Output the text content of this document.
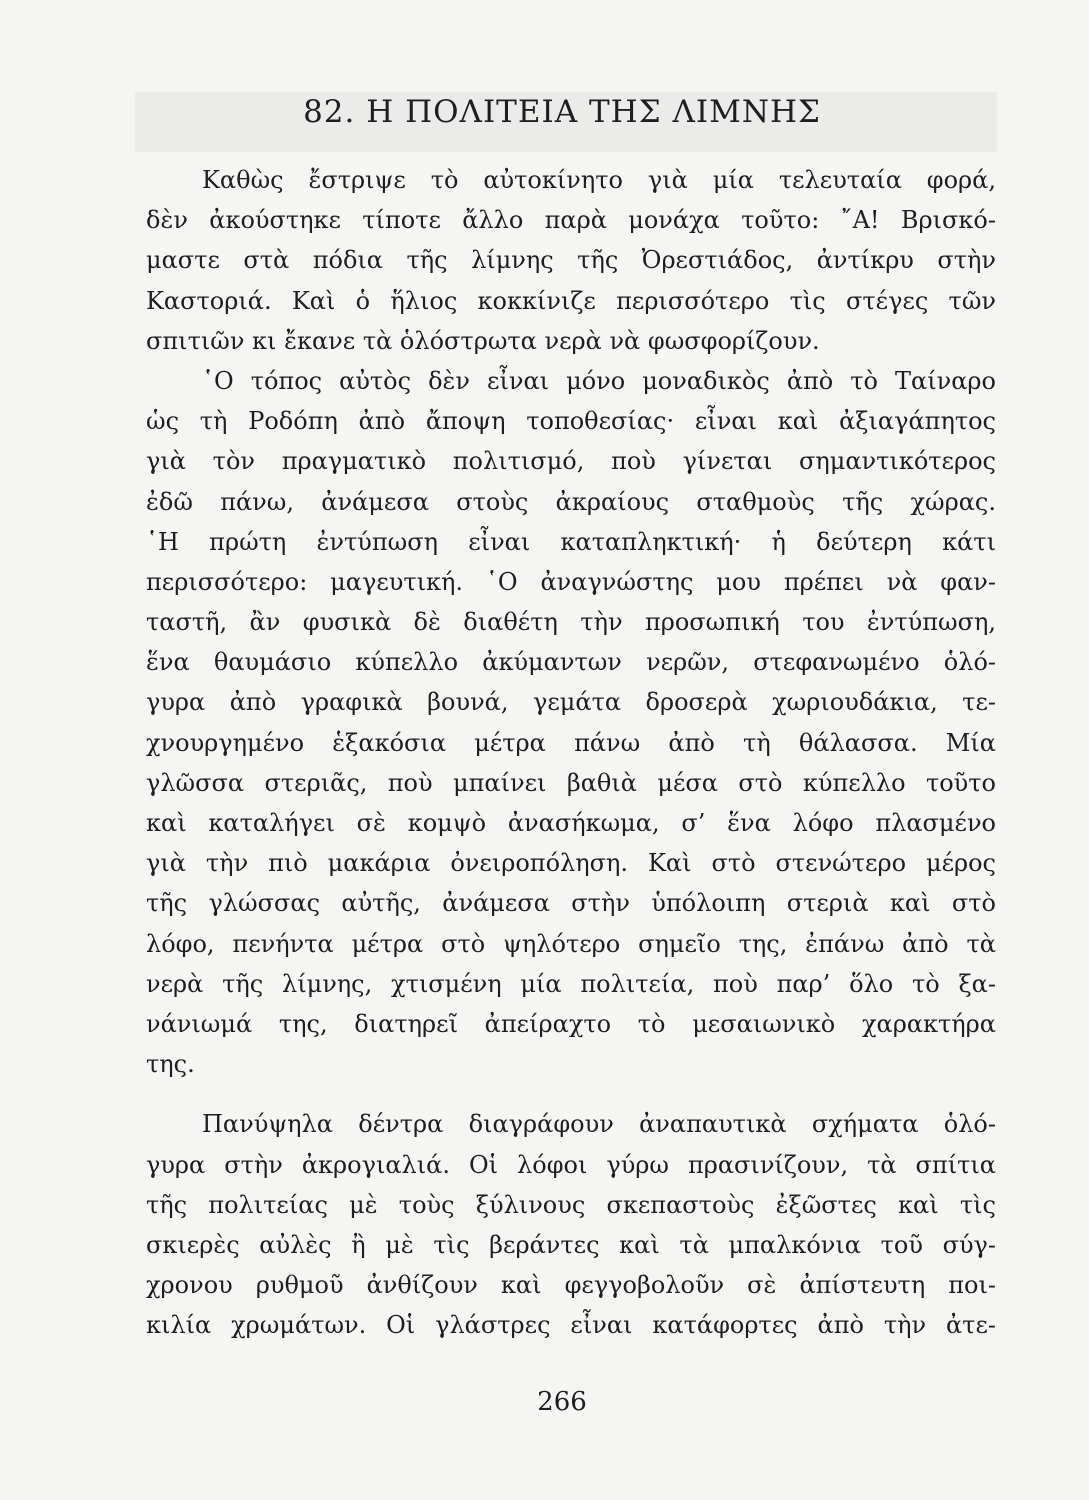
82. Η ΠΟΛΙΤΕΙΑ ΤΗΣ ΛΙΜΝΗΣ

Καθὼς ἔστριψε τὸ αὐτοκίνητο γιὰ μία τελευταία φορά,
δὲν ἀκούστηκε τίποτε ἄλλο παρὰ μονάχα τοῦτο: ῎Α! Βρισκό-
μαστε στὰ πόδια τῆς λίμνης τῆς Ὀρεστιάδος, ἀντίκρυ στὴν
Καστοριά. Καὶ ὁ ἥλιος κοκκίνιζε περισσότερο τὶς στέγες τῶν
σπιτιῶν κι ἔκανε τὰ ὁλόστρωτα νερὰ νὰ φωσφορίζουν.

῾Ο τόπος αὐτὸς δὲν εἶναι μόνο μοναδικὸς ἀπὸ τὸ Ταίναρο
ὡς τὴ Ροδόπη ἀπὸ ἄποψη τοποθεσίας· εἶναι καὶ ἀξιαγάπητος
γιὰ τὸν πραγματικὸ πολιτισμό, ποὺ γίνεται σημαντικότερος
ἐδῶ πάνω, ἀνάμεσα στοὺς ἀκραίους σταθμοὺς τῆς χώρας.
῾Η πρώτη ἐντύπωση εἶναι καταπληκτική· ἡ δεύτερη κάτι
περισσότερο: μαγευτική. ῾Ο ἀναγνώστης μου πρέπει νὰ φαν-
ταστῆ, ἂν φυσικὰ δὲ διαθέτη τὴν προσωπική του ἐντύπωση,
ἕνα θαυμάσιο κύπελλο ἀκύμαντων νερῶν, στεφανωμένο ὁλό-
γυρα ἀπὸ γραφικὰ βουνά, γεμάτα δροσερὰ χωριουδάκια, τε-
χνουργημένο ἑξακόσια μέτρα πάνω ἀπὸ τὴ θάλασσα. Μία
γλῶσσα στεριᾶς, ποὺ μπαίνει βαθιὰ μέσα στὸ κύπελλο τοῦτο
καὶ καταλήγει σὲ κομψὸ ἀνασήκωμα, σ’ ἕνα λόφο πλασμένο
γιὰ τὴν πιὸ μακάρια ὀνειροπόληση. Καὶ στὸ στενώτερο μέρος
τῆς γλώσσας αὐτῆς, ἀνάμεσα στὴν ὑπόλοιπη στεριὰ καὶ στὸ
λόφο, πενήντα μέτρα στὸ ψηλότερο σημεῖο της, ἐπάνω ἀπὸ τὰ
νερὰ τῆς λίμνης, χτισμένη μία πολιτεία, ποὺ παρ’ ὅλο τὸ ξα-
νάνιωμά της, διατηρεῖ ἀπείραχτο τὸ μεσαιωνικὸ χαρακτήρα
της.

Πανύψηλα δέντρα διαγράφουν ἀναπαυτικὰ σχήματα ὁλό-
γυρα στὴν ἀκρογιαλιά. Οἱ λόφοι γύρω πρασινίζουν, τὰ σπίτια
τῆς πολιτείας μὲ τοὺς ξύλινους σκεπαστοὺς ἐξῶστες καὶ τὶς
σκιερὲς αὐλὲς ἢ μὲ τὶς βεράντες καὶ τὰ μπαλκόνια τοῦ σύγ-
χρονου ρυθμοῦ ἀνθίζουν καὶ φεγγοβολοῦν σὲ ἀπίστευτη ποι-
κιλία χρωμάτων. Οἱ γλάστρες εἶναι κατάφορτες ἀπὸ τὴν ἀτε-

266
